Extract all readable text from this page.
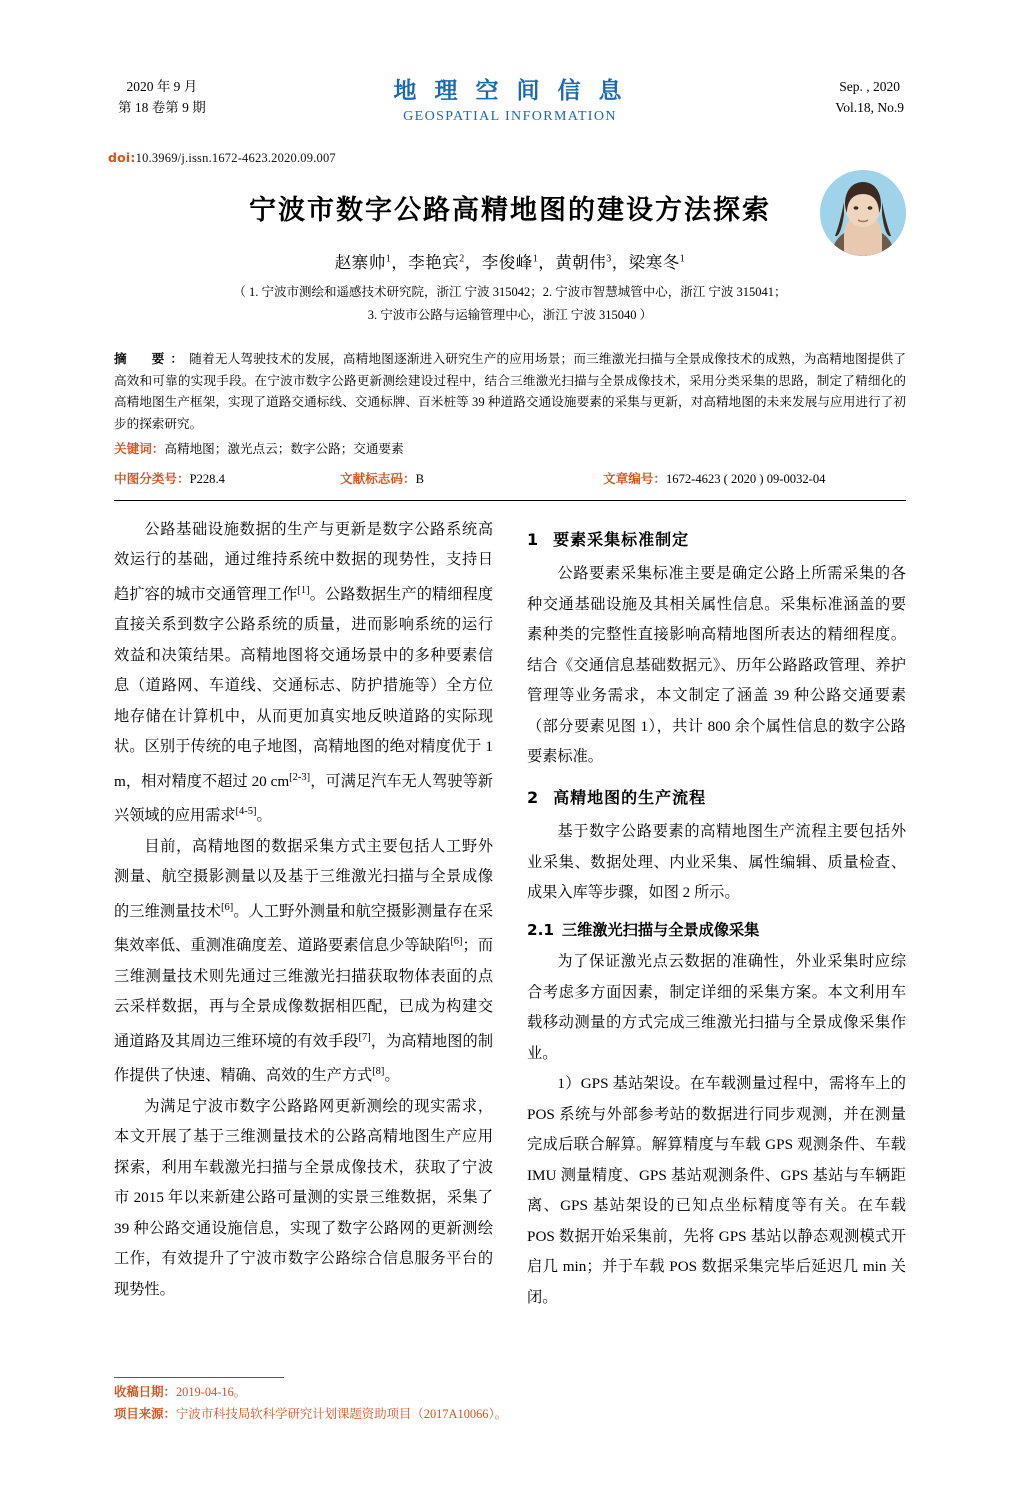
2020 年 9 月
第 18 卷第 9 期
地 理 空 间 信 息
GEOSPATIAL INFORMATION
Sep. , 2020
Vol.18, No.9
doi:10.3969/j.issn.1672-4623.2020.09.007
宁波市数字公路高精地图的建设方法探索
赵寨帅$^1$，李艳宾$^2$，李俊峰$^1$，黄朝伟$^3$，梁寒冬$^1$
（ 1. 宁波市测绘和遥感技术研究院，浙江 宁波 315042；2. 宁波市智慧城管中心，浙江 宁波 315041；
3. 宁波市公路与运输管理中心，浙江 宁波 315040 ）
摘　要：随着无人驾驶技术的发展，高精地图逐渐进入研究生产的应用场景；而三维激光扫描与全景成像技术的成熟，为高精地图提供了高效和可靠的实现手段。在宁波市数字公路更新测绘建设过程中，结合三维激光扫描与全景成像技术，采用分类采集的思路，制定了精细化的高精地图生产框架，实现了道路交通标线、交通标牌、百米桩等 39 种道路交通设施要素的采集与更新，对高精地图的未来发展与应用进行了初步的探索研究。
关键词：高精地图；激光点云；数字公路；交通要素
中图分类号：P228.4	文献标志码：B	文章编号：1672-4623 ( 2020 ) 09-0032-04

公路基础设施数据的生产与更新是数字公路系统高效运行的基础，通过维持系统中数据的现势性，支持日趋扩容的城市交通管理工作[1]。公路数据生产的精细程度直接关系到数字公路系统的质量，进而影响系统的运行效益和决策结果。高精地图将交通场景中的多种要素信息（道路网、车道线、交通标志、防护措施等）全方位地存储在计算机中，从而更加真实地反映道路的实际现状。区别于传统的电子地图，高精地图的绝对精度优于 1 m，相对精度不超过 20 cm[2-3]，可满足汽车无人驾驶等新兴领域的应用需求[4-5]。

目前，高精地图的数据采集方式主要包括人工野外测量、航空摄影测量以及基于三维激光扫描与全景成像的三维测量技术[6]。人工野外测量和航空摄影测量存在采集效率低、重测准确度差、道路要素信息少等缺陷[6]；而三维测量技术则先通过三维激光扫描获取物体表面的点云采样数据，再与全景成像数据相匹配，已成为构建交通道路及其周边三维环境的有效手段[7]，为高精地图的制作提供了快速、精确、高效的生产方式[8]。

为满足宁波市数字公路路网更新测绘的现实需求，本文开展了基于三维测量技术的公路高精地图生产应用探索，利用车载激光扫描与全景成像技术，获取了宁波市 2015 年以来新建公路可量测的实景三维数据，采集了 39 种公路交通设施信息，实现了数字公路网的更新测绘工作，有效提升了宁波市数字公路综合信息服务平台的现势性。

1 要素采集标准制定

公路要素采集标准主要是确定公路上所需采集的各种交通基础设施及其相关属性信息。采集标准涵盖的要素种类的完整性直接影响高精地图所表达的精细程度。结合《交通信息基础数据元》、历年公路路政管理、养护管理等业务需求，本文制定了涵盖 39 种公路交通要素（部分要素见图 1），共计 800 余个属性信息的数字公路要素标准。

2 高精地图的生产流程

基于数字公路要素的高精地图生产流程主要包括外业采集、数据处理、内业采集、属性编辑、质量检查、成果入库等步骤，如图 2 所示。

2.1 三维激光扫描与全景成像采集

为了保证激光点云数据的准确性，外业采集时应综合考虑多方面因素，制定详细的采集方案。本文利用车载移动测量的方式完成三维激光扫描与全景成像采集作业。

1）GPS 基站架设。在车载测量过程中，需将车上的 POS 系统与外部参考站的数据进行同步观测，并在测量完成后联合解算。解算精度与车载 GPS 观测条件、车载 IMU 测量精度、GPS 基站观测条件、GPS 基站与车辆距离、GPS 基站架设的已知点坐标精度等有关。在车载 POS 数据开始采集前，先将 GPS 基站以静态观测模式开启几 min；并于车载 POS 数据采集完毕后延迟几 min 关闭。

收稿日期：2019-04-16。
项目来源：宁波市科技局软科学研究计划课题资助项目（2017A10066）。
